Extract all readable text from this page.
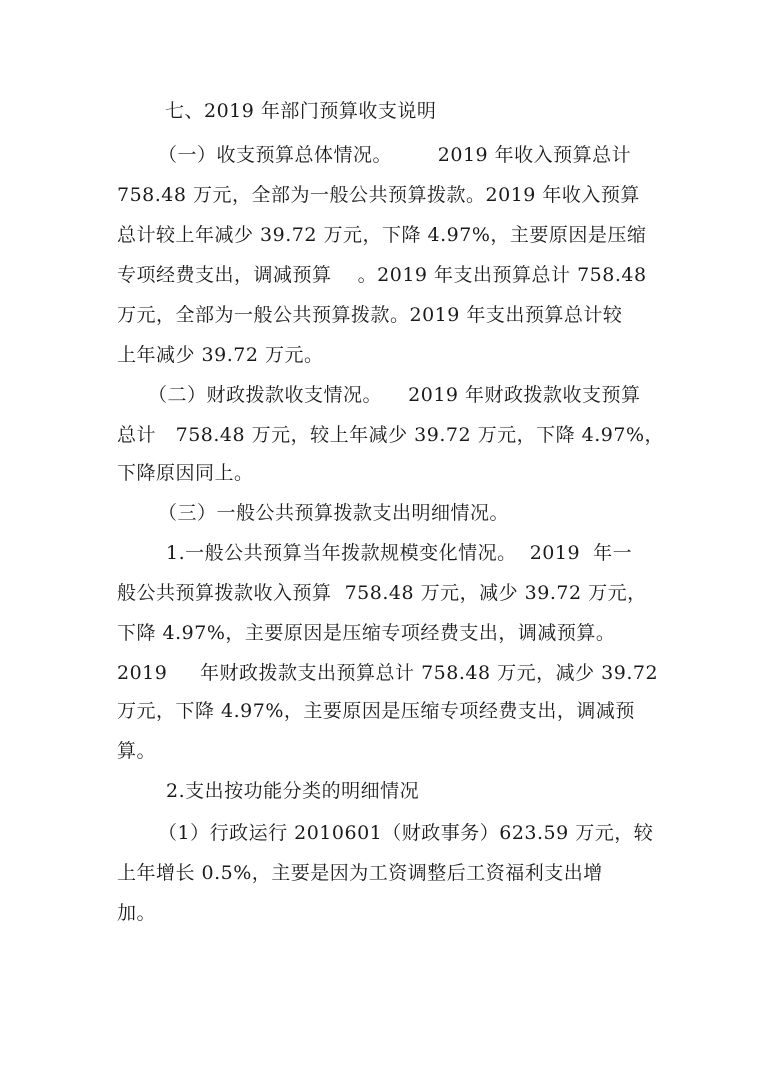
七、2019 年部门预算收支说明
（一）收支预算总体情况。       2019 年收入预算总计
758.48 万元，全部为一般公共预算拨款。2019 年收入预算
总计较上年减少 39.72 万元，下降 4.97%，主要原因是压缩
专项经费支出，调减预算    。2019 年支出预算总计 758.48
万元，全部为一般公共预算拨款。2019 年支出预算总计较
上年减少 39.72 万元。
（二）财政拨款收支情况。    2019 年财政拨款收支预算
总计   758.48 万元，较上年减少 39.72 万元，下降 4.97%，
下降原因同上。
（三）一般公共预算拨款支出明细情况。
1.一般公共预算当年拨款规模变化情况。  2019  年一
般公共预算拨款收入预算  758.48 万元，减少 39.72 万元，
下降 4.97%，主要原因是压缩专项经费支出，调减预算。
2019     年财政拨款支出预算总计 758.48 万元，减少 39.72
万元，下降 4.97%，主要原因是压缩专项经费支出，调减预
算。
2.支出按功能分类的明细情况
（1）行政运行 2010601（财政事务）623.59 万元，较
上年增长 0.5%，主要是因为工资调整后工资福利支出增
加。
